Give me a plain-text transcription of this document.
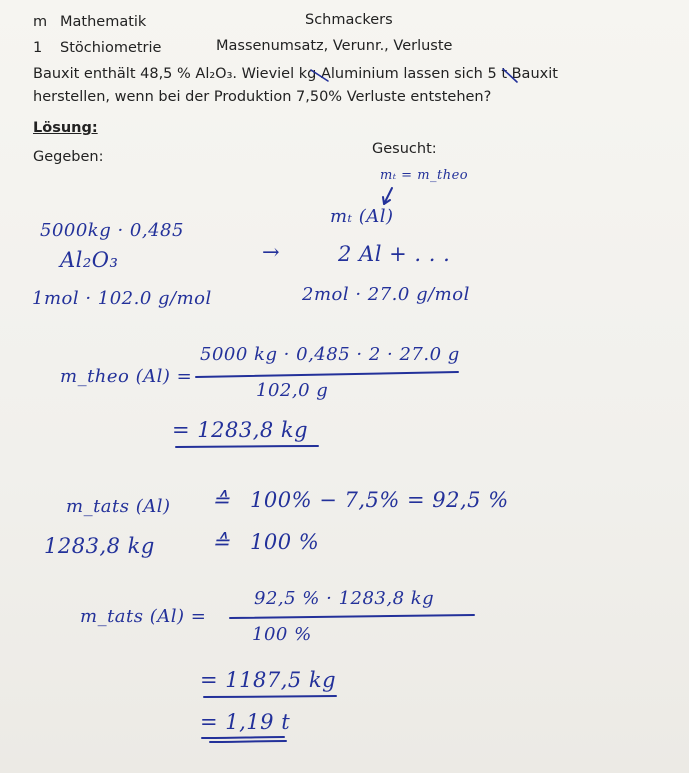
m Mathematik	Schmackers
1 Stöchiometrie	Massenumsatz, Verunr., Verluste
Bauxit enthält 48,5 % Al₂O₃. Wieviel kg Aluminium lassen sich 5 t Bauxit
herstellen, wenn bei der Produktion 7,50% Verluste entstehen?
Lösung:
Gegeben:	Gesucht:
mₜ = m_theo
mₜ (Al)
5000kg · 0,485
Al₂O₃	→	2 Al + . . .
1mol · 102.0 g/mol	2mol · 27.0 g/mol
m_theo (Al) =
5000 kg · 0,485 · 2 · 27.0 g
102,0 g
= 1283,8 kg
m_tats (Al) ≙ 100% − 7,5% = 92,5 %
1283,8 kg	≙ 100 %
m_tats (Al) =
92,5 % · 1283,8 kg
100 %
= 1187,5 kg
= 1,19 t
